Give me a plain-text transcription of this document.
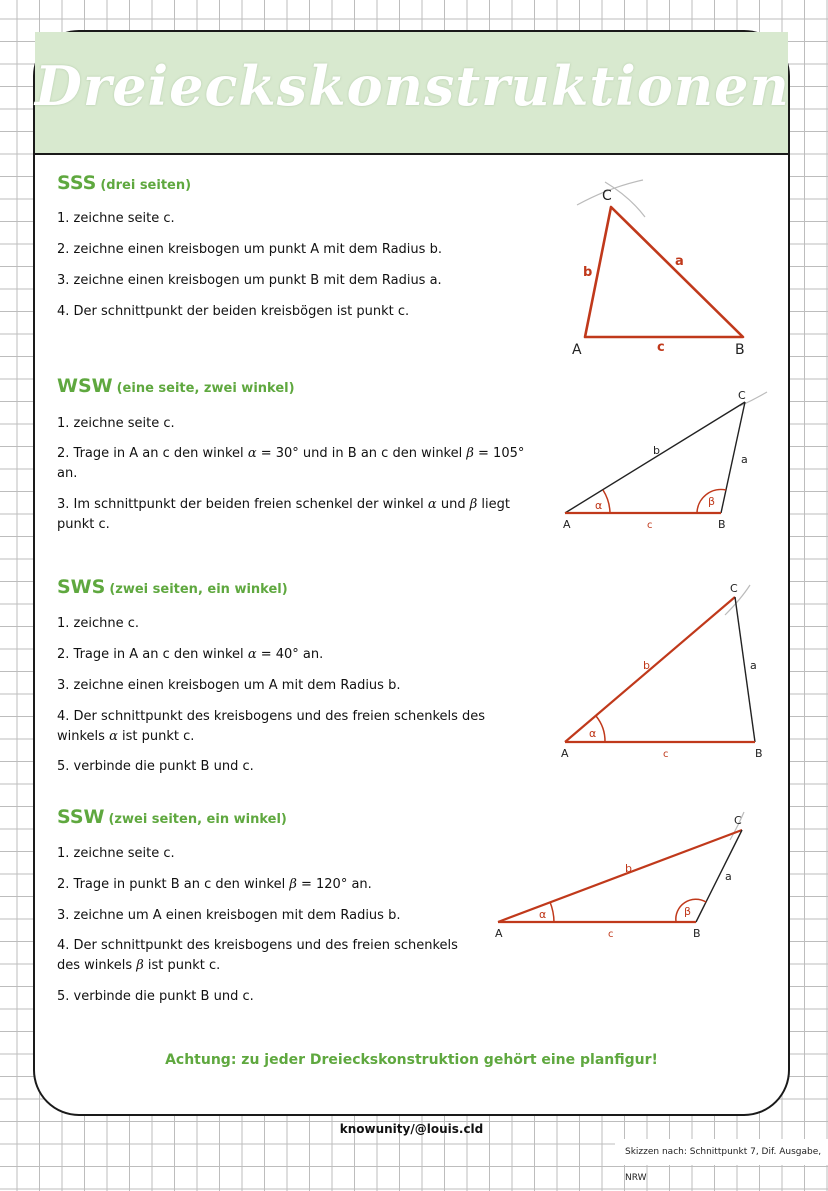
Dreieckskonstruktionen
SSS (drei seiten)
1. zeichne seite c.
2. zeichne einen kreisbogen um punkt A mit dem Radius b.
3. zeichne einen kreisbogen um punkt B mit dem Radius a.
4. Der schnittpunkt der beiden kreisbögen ist punkt c.
A	B
C
a
b
c
WSW (eine seite, zwei winkel)
1. zeichne seite c.
2. Trage in A an c den winkel α = 30° und in B an c den winkel β = 105° an.
3. Im schnittpunkt der beiden freien schenkel der winkel α und β liegt punkt c.	A	B
C
a
b
c
α	β
SWS (zwei seiten, ein winkel)
1. zeichne c.
2. Trage in A an c den winkel α = 40° an.
3. zeichne einen kreisbogen um A mit dem Radius b.
4. Der schnittpunkt des kreisbogens und des freien schenkels des winkels α ist punkt c.
5. verbinde die punkt B und c.
A	B
C
a
b
c
α
SSW (zwei seiten, ein winkel)
1. zeichne seite c.
2. Trage in punkt B an c den winkel β = 120° an.
3. zeichne um A einen kreisbogen mit dem Radius b.
4. Der schnittpunkt des kreisbogens und des freien schenkels des winkels β ist punkt c.
5. verbinde die punkt B und c.
A	B
C
a
b
c
α	β
Achtung: zu jeder Dreieckskonstruktion gehört eine planfigur!
knowunity/@louis.cld
Skizzen nach: Schnittpunkt 7, Dif. Ausgabe, NRW
